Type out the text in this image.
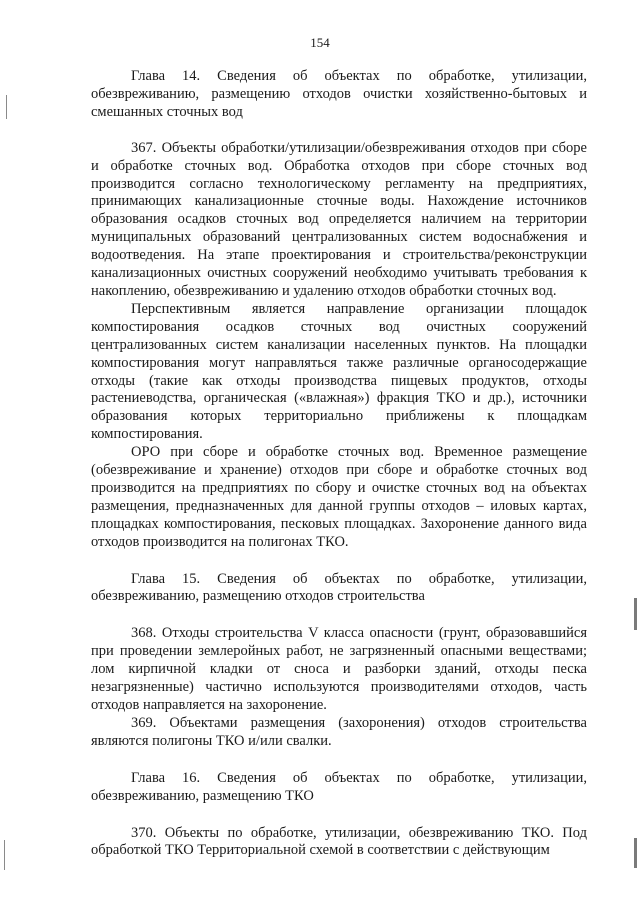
154

Глава 14. Сведения об объектах по обработке, утилизации, обезвреживанию, размещению отходов очистки хозяйственно-бытовых и смешанных сточных вод

367. Объекты обработки/утилизации/обезвреживания отходов при сборе и обработке сточных вод. Обработка отходов при сборе сточных вод производится согласно технологическому регламенту на предприятиях, принимающих канализационные сточные воды. Нахождение источников образования осадков сточных вод определяется наличием на территории муниципальных образований централизованных систем водоснабжения и водоотведения. На этапе проектирования и строительства/реконструкции канализационных очистных сооружений необходимо учитывать требования к накоплению, обезвреживанию и удалению отходов обработки сточных вод.

Перспективным является направление организации площадок компостирования осадков сточных вод очистных сооружений централизованных систем канализации населенных пунктов. На площадки компостирования могут направляться также различные органосодержащие отходы (такие как отходы производства пищевых продуктов, отходы растениеводства, органическая («влажная») фракция ТКО и др.), источники образования которых территориально приближены к площадкам компостирования.

ОРО при сборе и обработке сточных вод. Временное размещение (обезвреживание и хранение) отходов при сборе и обработке сточных вод производится на предприятиях по сбору и очистке сточных вод на объектах размещения, предназначенных для данной группы отходов – иловых картах, площадках компостирования, песковых площадках. Захоронение данного вида отходов производится на полигонах ТКО.

Глава 15. Сведения об объектах по обработке, утилизации, обезвреживанию, размещению отходов строительства

368. Отходы строительства V класса опасности (грунт, образовавшийся при проведении землеройных работ, не загрязненный опасными веществами; лом кирпичной кладки от сноса и разборки зданий, отходы песка незагрязненные) частично используются производителями отходов, часть отходов направляется на захоронение.

369. Объектами размещения (захоронения) отходов строительства являются полигоны ТКО и/или свалки.

Глава 16. Сведения об объектах по обработке, утилизации, обезвреживанию, размещению ТКО

370. Объекты по обработке, утилизации, обезвреживанию ТКО. Под обработкой ТКО Территориальной схемой в соответствии с действующим
